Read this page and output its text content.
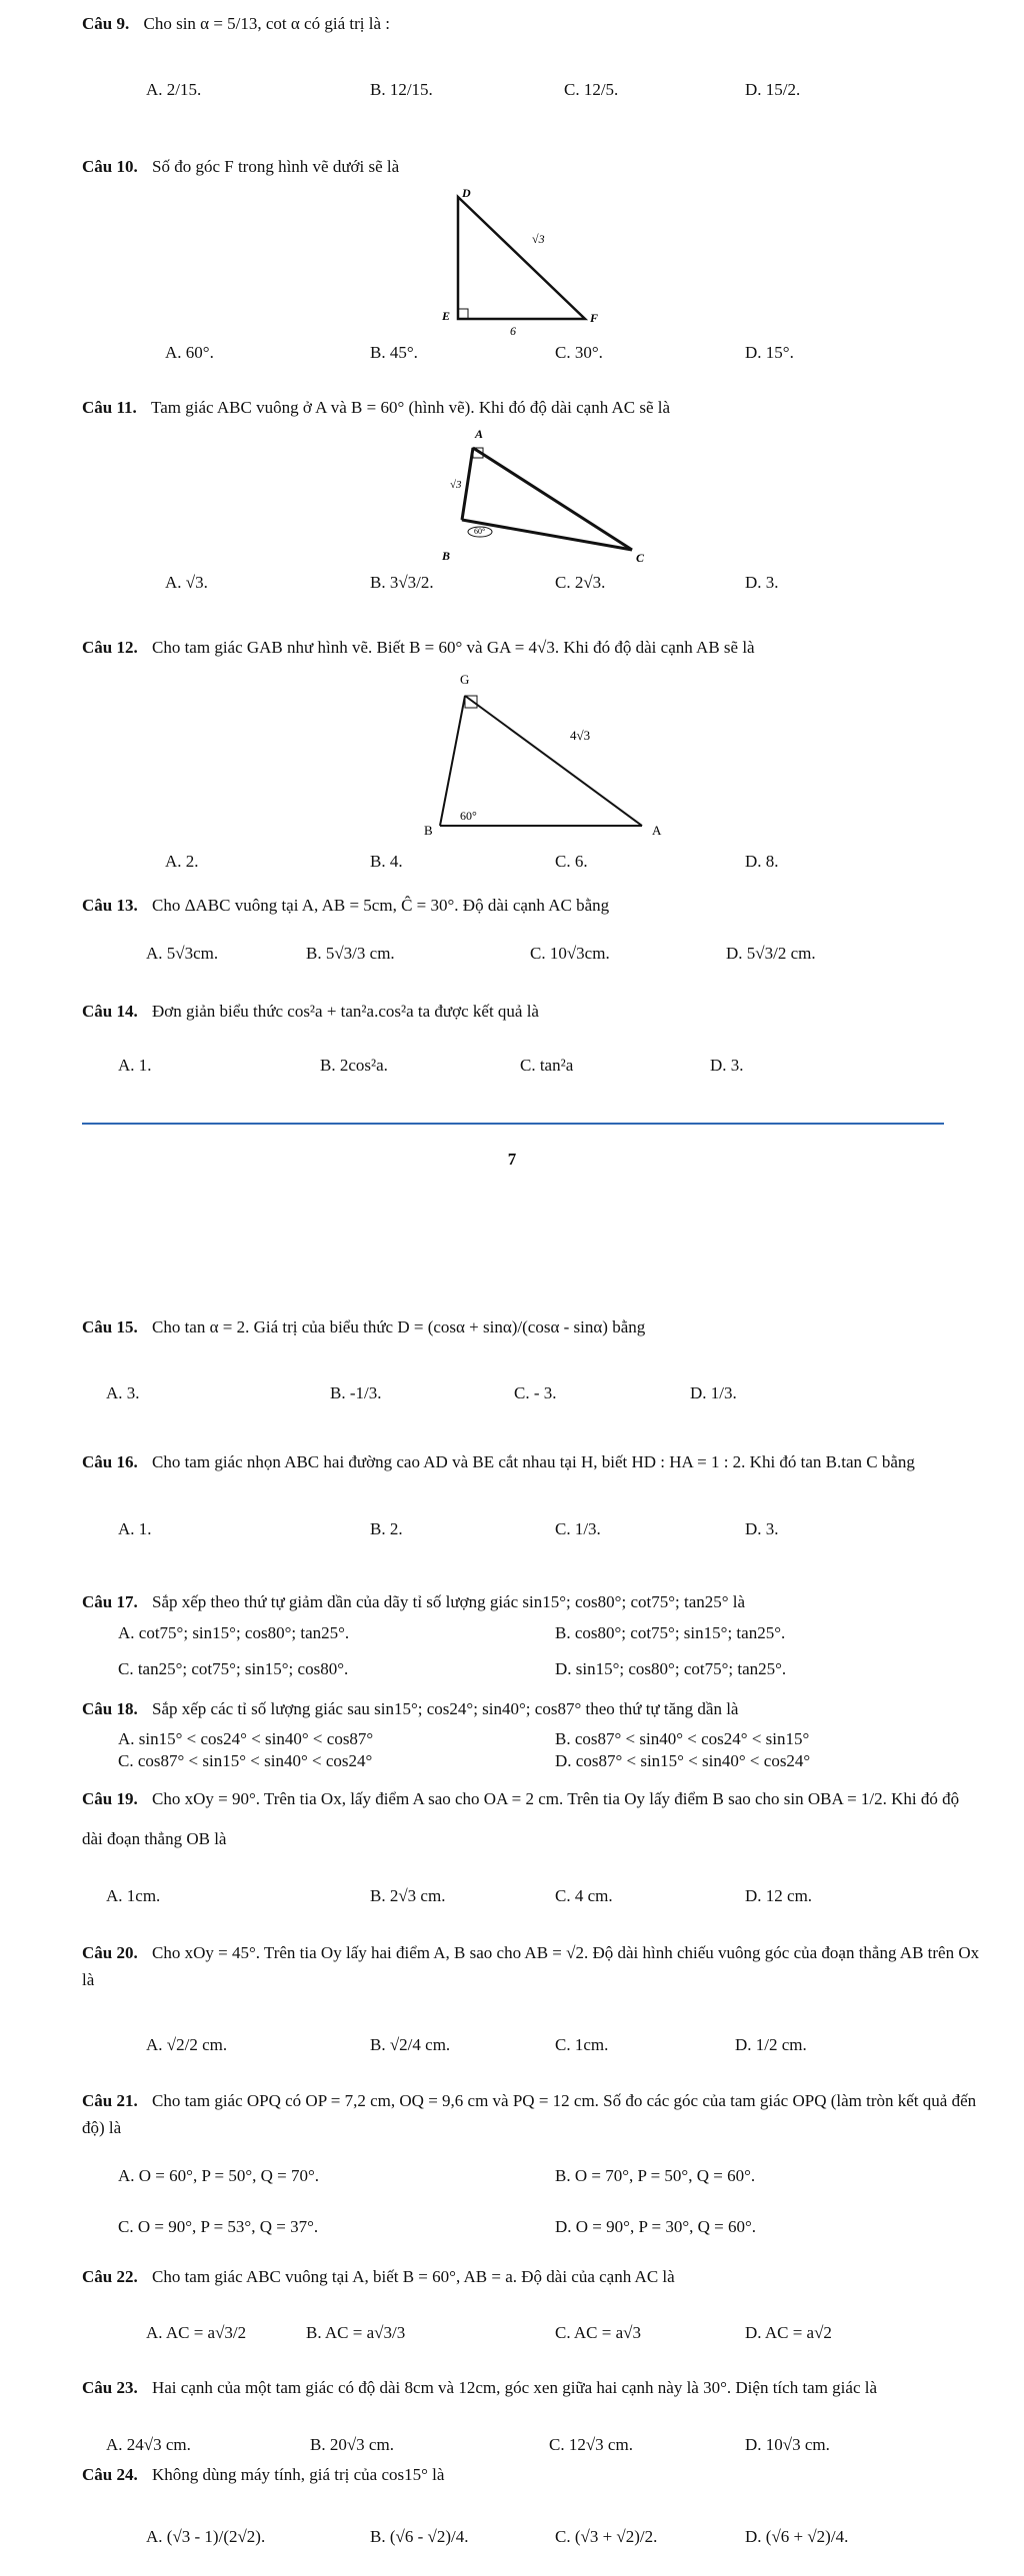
Câu 9. Cho sin α = 5/13, cot α có giá trị là :
A. 2/15.	B. 12/15.	C. 12/5.	D. 15/2.
Câu 10. Số đo góc F trong hình vẽ dưới sẽ là
D
E	F
√3
6
A. 60°.	B. 45°.	C. 30°.	D. 15°.
Câu 11. Tam giác ABC vuông ở A và B = 60° (hình vẽ). Khi đó độ dài cạnh AC sẽ là
A
B	C
√3
60°
A. √3.	B. 3√3/2.	C. 2√3.	D. 3.
Câu 12. Cho tam giác GAB như hình vẽ. Biết B = 60° và GA = 4√3. Khi đó độ dài cạnh AB sẽ là
G
B	A
4√3
60°
A. 2.	B. 4.	C. 6.	D. 8.
Câu 13. Cho ΔABC vuông tại A, AB = 5cm, Ĉ = 30°. Độ dài cạnh AC bằng
A. 5√3cm.	B. 5√3/3 cm.	C. 10√3cm.	D. 5√3/2 cm.
Câu 14. Đơn giản biểu thức cos²a + tan²a.cos²a ta được kết quả là
A. 1.	B. 2cos²a.	C. tan²a	D. 3.
7
Câu 15. Cho tan α = 2. Giá trị của biểu thức D = (cosα + sinα)/(cosα - sinα) bằng
A. 3.	B. -1/3.	C. - 3.	D. 1/3.
Câu 16. Cho tam giác nhọn ABC hai đường cao AD và BE cắt nhau tại H, biết HD : HA = 1 : 2. Khi đó tan B.tan C bằng
A. 1.	B. 2.	C. 1/3.	D. 3.
Câu 17. Sắp xếp theo thứ tự giảm dần của dãy tỉ số lượng giác sin15°; cos80°; cot75°; tan25° là
A. cot75°; sin15°; cos80°; tan25°.	B. cos80°; cot75°; sin15°; tan25°.
C. tan25°; cot75°; sin15°; cos80°.	D. sin15°; cos80°; cot75°; tan25°.
Câu 18. Sắp xếp các tỉ số lượng giác sau sin15°; cos24°; sin40°; cos87° theo thứ tự tăng dần là
A. sin15° < cos24° < sin40° < cos87°	B. cos87° < sin40° < cos24° < sin15°
C. cos87° < sin15° < sin40° < cos24°	D. cos87° < sin15° < sin40° < cos24°
Câu 19. Cho xOy = 90°. Trên tia Ox, lấy điểm A sao cho OA = 2 cm. Trên tia Oy lấy điểm B sao cho sin OBA = 1/2. Khi đó độ dài đoạn thẳng OB là
A. 1cm.	B. 2√3 cm.	C. 4 cm.	D. 12 cm.
Câu 20. Cho xOy = 45°. Trên tia Oy lấy hai điểm A, B sao cho AB = √2. Độ dài hình chiếu vuông góc của đoạn thẳng AB trên Ox là
A. √2/2 cm.	B. √2/4 cm.	C. 1cm.	D. 1/2 cm.
Câu 21. Cho tam giác OPQ có OP = 7,2 cm, OQ = 9,6 cm và PQ = 12 cm. Số đo các góc của tam giác OPQ (làm tròn kết quả đến độ) là
A. O = 60°, P = 50°, Q = 70°.	B. O = 70°, P = 50°, Q = 60°.
C. O = 90°, P = 53°, Q = 37°.	D. O = 90°, P = 30°, Q = 60°.
Câu 22. Cho tam giác ABC vuông tại A, biết B = 60°, AB = a. Độ dài của cạnh AC là
A. AC = a√3/2	B. AC = a√3/3	C. AC = a√3	D. AC = a√2
Câu 23. Hai cạnh của một tam giác có độ dài 8cm và 12cm, góc xen giữa hai cạnh này là 30°. Diện tích tam giác là
A. 24√3 cm.	B. 20√3 cm.	C. 12√3 cm.	D. 10√3 cm.
Câu 24. Không dùng máy tính, giá trị của cos15° là
A. (√3 - 1)/(2√2).	B. (√6 - √2)/4.	C. (√3 + √2)/2.	D. (√6 + √2)/4.
